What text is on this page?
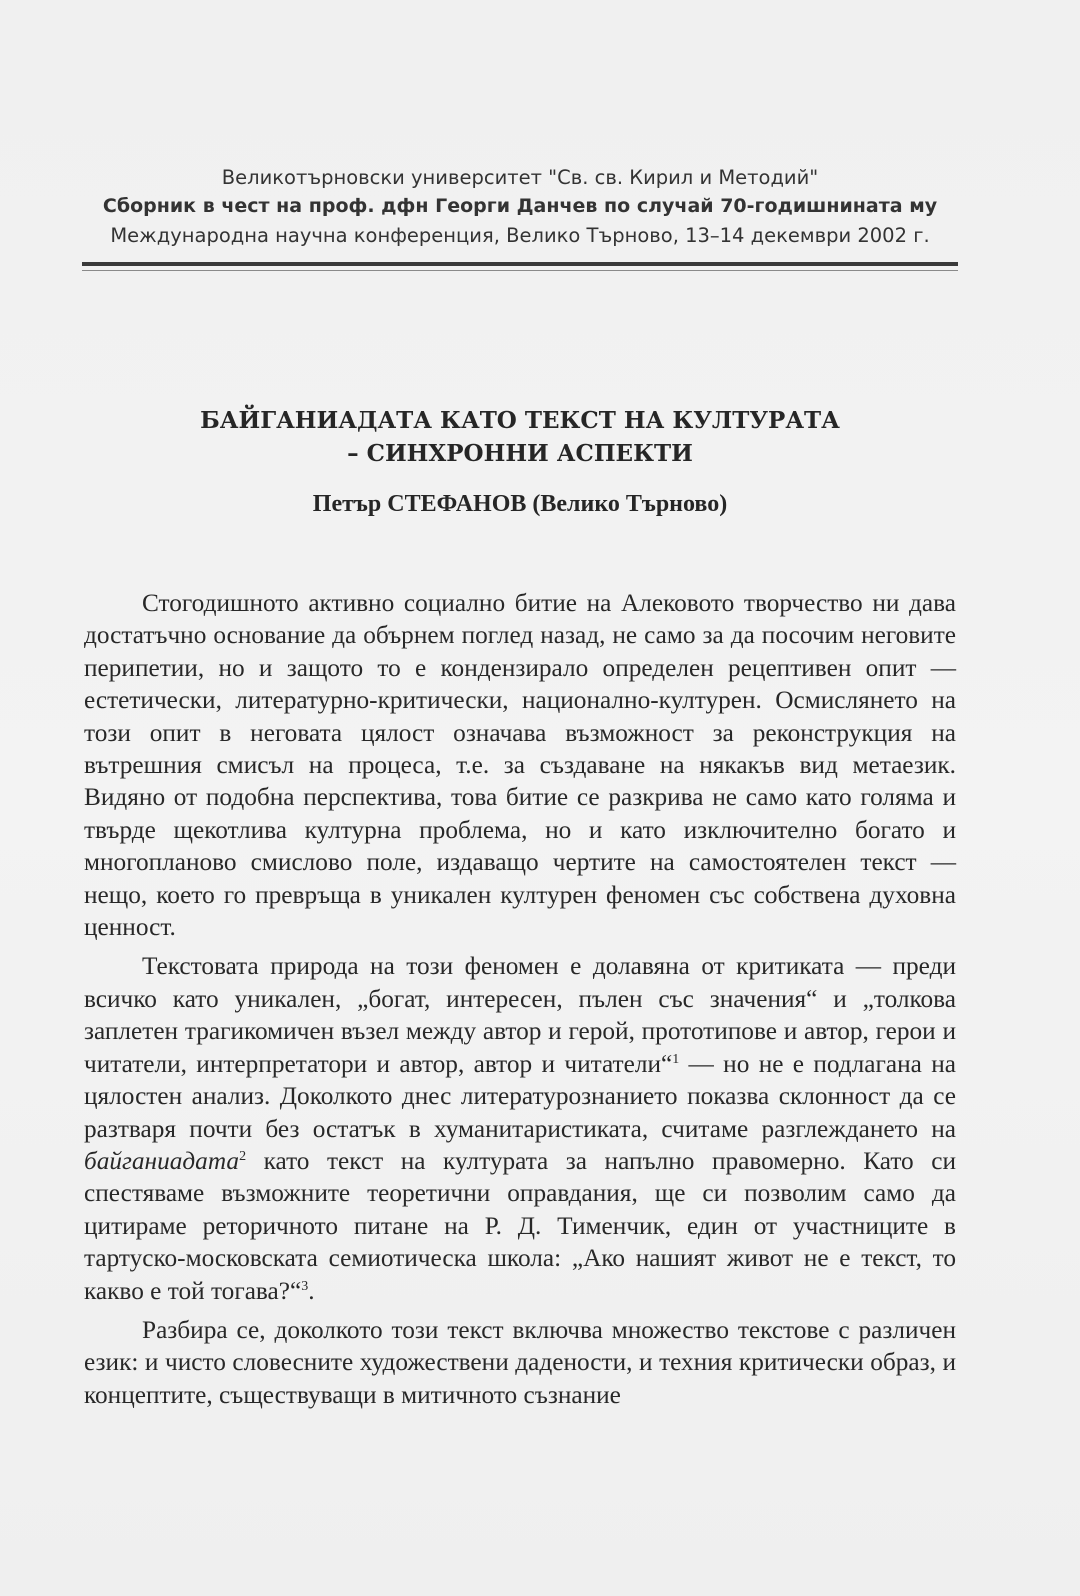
Великотърновски университет "Св. св. Кирил и Методий"
Сборник в чест на проф. дфн Георги Данчев по случай 70-годишнината му
Международна научна конференция, Велико Търново, 13–14 декември 2002 г.
БАЙГАНИАДАТА КАТО ТЕКСТ НА КУЛТУРАТА
– СИНХРОННИ АСПЕКТИ
Петър СТЕФАНОВ (Велико Търново)

Стогодишното активно социално битие на Алековото творчество ни дава достатъчно основание да обърнем поглед назад, не само за да посочим неговите перипетии, но и защото то е кондензирало определен рецептивен опит — естетически, литературно-критически, национално-културен. Осмислянето на този опит в неговата цялост означава възможност за реконструкция на вътрешния смисъл на процеса, т.е. за създаване на някакъв вид метаезик. Видяно от подобна перспектива, това битие се разкрива не само като голяма и твърде щекотлива културна проблема, но и като изключително богато и многопланово смислово поле, издаващо чертите на самостоятелен текст — нещо, което го превръща в уникален културен феномен със собствена духовна ценност.

Текстовата природа на този феномен е долавяна от критиката — преди всичко като уникален, „богат, интересен, пълен със значения“ и „толкова заплетен трагикомичен възел между автор и герой, прототипове и автор, герои и читатели, интерпретатори и автор, автор и читатели“$^1$ — но не е подлагана на цялостен анализ. Доколкото днес литературознанието показва склонност да се разтваря почти без остатък в хуманитаристиката, считаме разглеждането на байганиадата$^2$ като текст на културата за напълно правомерно. Като си спестяваме възможните теоретични оправдания, ще си позволим само да цитираме реторичното питане на Р. Д. Тименчик, един от участниците в тартуско-московската семиотическа школа: „Ако нашият живот не е текст, то какво е той тогава?“$^3$.

Разбира се, доколкото този текст включва множество текстове с различен език: и чисто словесните художествени дадености, и техния критически образ, и концептите, съществуващи в митичното съзнание
